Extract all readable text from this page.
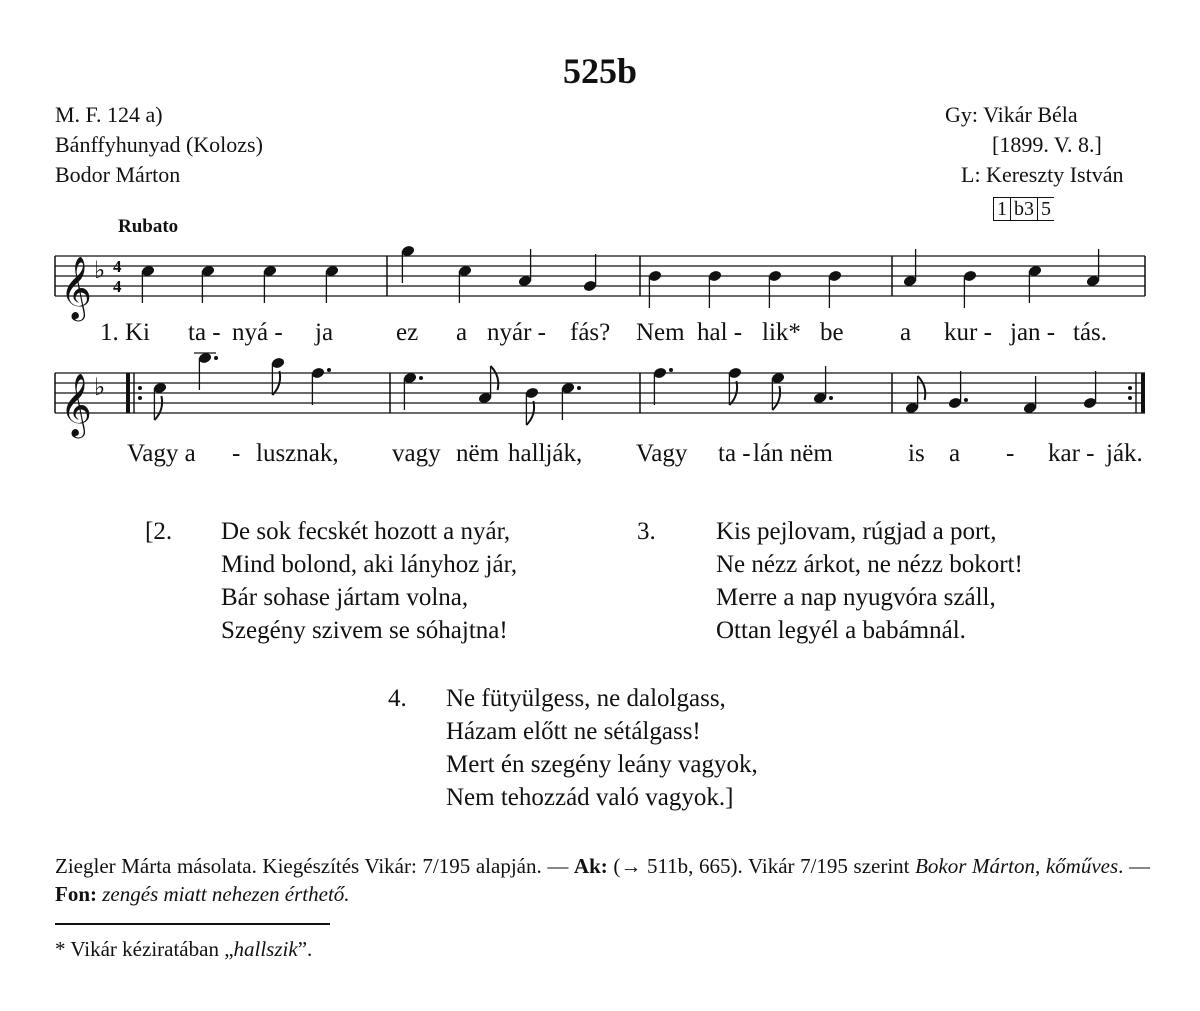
525b
M. F. 124 a)
Bánffyhunyad (Kolozs)
Bodor Márton
Gy: Vikár Béla
[1899. V. 8.]
L: Kereszty István
1 b3 5
Rubato
𝄞
𝄞
♭
♭
4
4
1. Ki ta - nyá - ja	ez a nyár - fás? Nem hal - lik* be a kur - jan - tás.
Vagy a - lusznak, vagy nëm hallják, Vagy ta - lán nëm	is a - kar - ják.
[2. De sok fecskét hozott a nyár,
Mind bolond, aki lányhoz jár,
Bár sohase jártam volna,
Szegény szivem se sóhajtna!
3. Kis pejlovam, rúgjad a port,
Ne nézz árkot, ne nézz bokort!
Merre a nap nyugvóra száll,
Ottan legyél a babámnál.
4. Ne fütyülgess, ne dalolgass,
Házam előtt ne sétálgass!
Mert én szegény leány vagyok,
Nem tehozzád való vagyok.]
Ziegler Márta másolata. Kiegészítés Vikár: 7/195 alapján. — Ak: (→ 511b, 665). Vikár 7/195 szerint Bokor Márton, kőműves. — Fon: zengés miatt nehezen érthető.
* Vikár kéziratában „hallszik”.
